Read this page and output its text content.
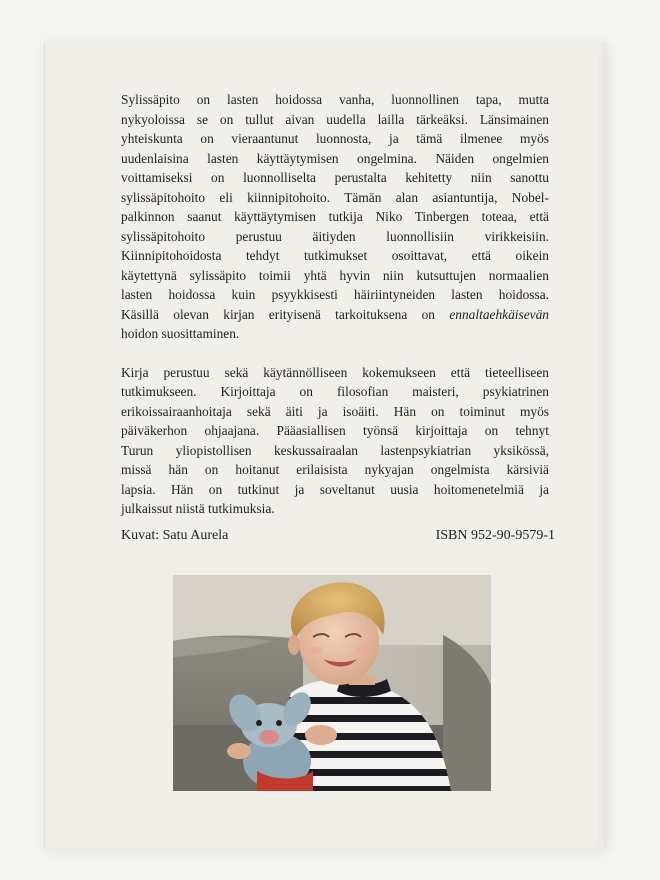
Sylissäpito on lasten hoidossa vanha, luonnollinen tapa, mutta
nykyoloissa se on tullut aivan uudella lailla tärkeäksi. Länsimainen
yhteiskunta on vieraantunut luonnosta, ja tämä ilmenee myös
uudenlaisina lasten käyttäytymisen ongelmina. Näiden ongelmien
voittamiseksi on luonnolliselta perustalta kehitetty niin sanottu
sylissäpitohoito eli kiinnipitohoito. Tämän alan asiantuntija, Nobel-
palkinnon saanut käyttäytymisen tutkija Niko Tinbergen toteaa, että
sylissäpitohoito perustuu äitiyden luonnollisiin virikkeisiin.
Kiinnipitohoidosta tehdyt tutkimukset osoittavat, että oikein
käytettynä sylissäpito toimii yhtä hyvin niin kutsuttujen normaalien
lasten hoidossa kuin psyykkisesti häiriintyneiden lasten hoidossa.
Käsillä olevan kirjan erityisenä tarkoituksena on ennaltaehkäisevän
hoidon suosittaminen.

Kirja perustuu sekä käytännölliseen kokemukseen että tieteelliseen
tutkimukseen. Kirjoittaja on filosofian maisteri, psykiatrinen
erikoissairaanhoitaja sekä äiti ja isoäiti. Hän on toiminut myös
päiväkerhon ohjaajana. Pääasiallisen työnsä kirjoittaja on tehnyt
Turun yliopistollisen keskussairaalan lastenpsykiatrian yksikössä,
missä hän on hoitanut erilaisista nykyajan ongelmista kärsiviä
lapsia. Hän on tutkinut ja soveltanut uusia hoitomenetelmiä ja
julkaissut niistä tutkimuksia.

Kuvat: Satu Aurela	ISBN 952-90-9579-1
